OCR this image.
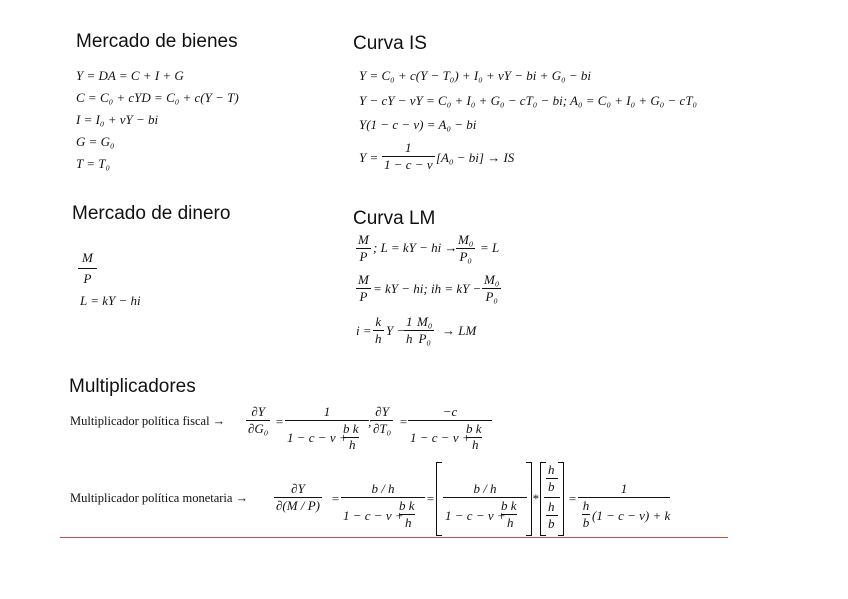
Mercado de bienes
Y = DA = C + I + G
C = C₀ + cYD = C₀ + c(Y − T)
I = I₀ + vY − bi
G = G₀
T = T₀
Curva IS
Y = C₀ + c(Y − T₀) + I₀ + vY − bi + G₀ − bi
Y − cY − vY = C₀ + I₀ + G₀ − cT₀ − bi; A₀ = C₀ + I₀ + G₀ − cT₀
Y(1 − c − v) = A₀ − bi
$Y = \frac{1}{1 - c - v} [A_0 - bi]$ → IS
Mercado de dinero
$\frac{M}{P}$
L = kY − hi
Curva LM
$\frac{M}{P}$ ; L = kY − hi →
$\frac{\text{M₀}}{\text{P₀}} = L$
$\frac{M}{P}$ = kY − hi; ih = kY − $\frac{\text{M₀}}{\text{P₀}}$
$i = \frac{k}{h}$ Y −
$\frac{1}{h} \frac{\text{M₀}}{\text{P₀}}$ → LM
Multiplicadores
Multiplicador política fiscal → $\frac{\partial Y}{\text{∂G₀}} = 1$
1 − c − v +
b k
h ;
$\frac{\partial Y}{\text{∂T₀}} = -c$
1 − c − v +
b k
h
Multiplicador política monetaria → $\frac{\partial Y}{\partial(M / P)} = b / h$
1 − c − v +
b k
h = b / h
1 − c − v +
b k
h *
h
b
h
b
= 1
h
b (1 − c − v) + k
